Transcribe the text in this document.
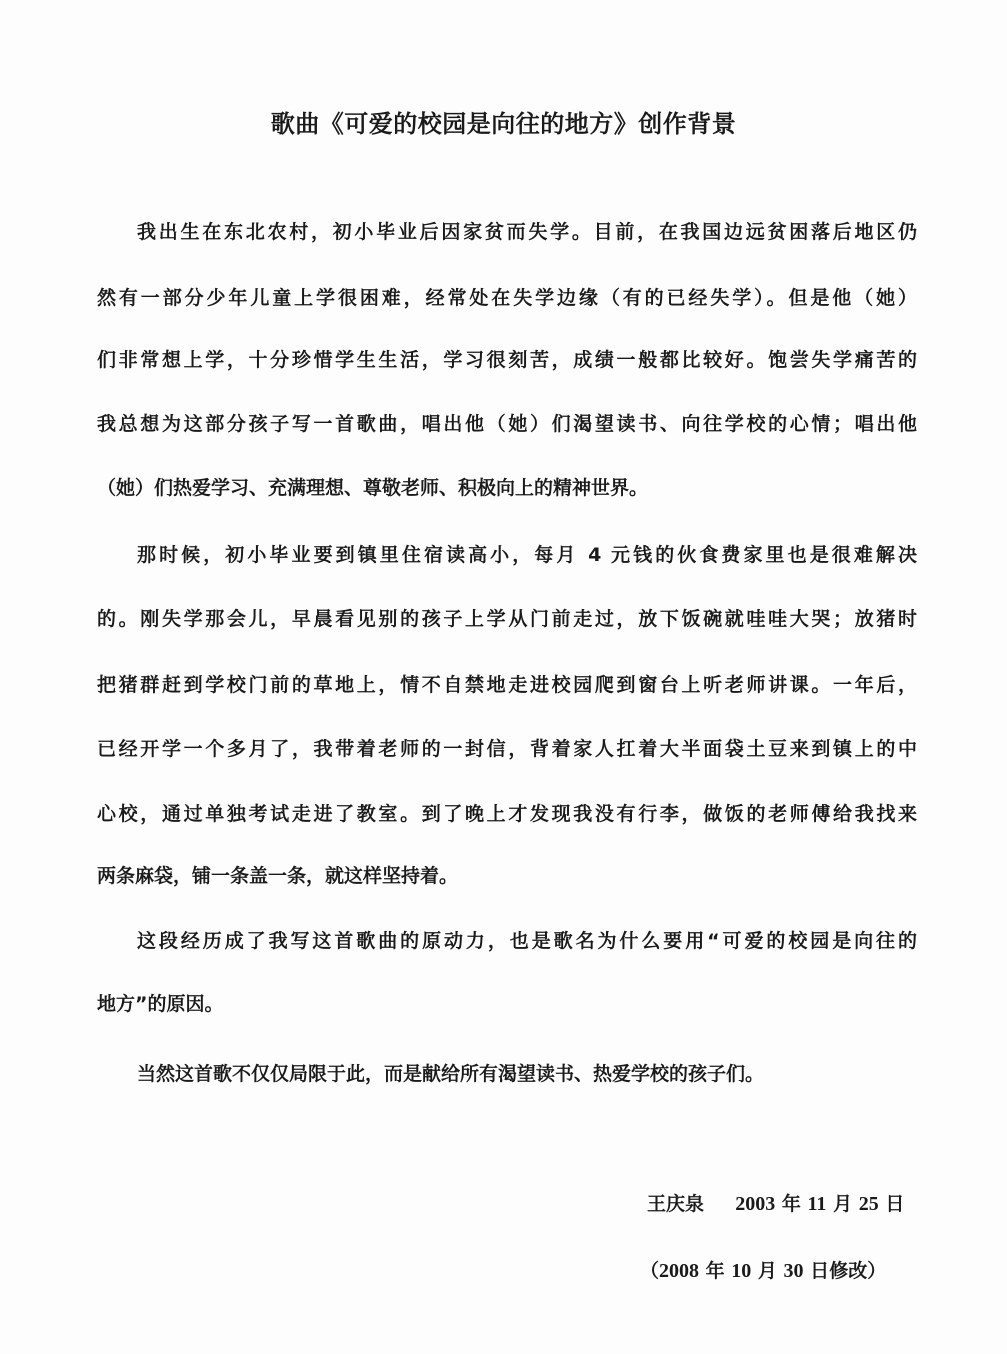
歌曲《可爱的校园是向往的地方》创作背景
我出生在东北农村，初小毕业后因家贫而失学。目前，在我国边远贫困落后地区仍
然有一部分少年儿童上学很困难，经常处在失学边缘（有的已经失学）。但是他（她）
们非常想上学，十分珍惜学生生活，学习很刻苦，成绩一般都比较好。饱尝失学痛苦的
我总想为这部分孩子写一首歌曲，唱出他（她）们渴望读书、向往学校的心情；唱出他
（她）们热爱学习、充满理想、尊敬老师、积极向上的精神世界。
那时候，初小毕业要到镇里住宿读高小，每月 4 元钱的伙食费家里也是很难解决
的。刚失学那会儿，早晨看见别的孩子上学从门前走过，放下饭碗就哇哇大哭；放猪时
把猪群赶到学校门前的草地上，情不自禁地走进校园爬到窗台上听老师讲课。一年后，
已经开学一个多月了，我带着老师的一封信，背着家人扛着大半面袋土豆来到镇上的中
心校，通过单独考试走进了教室。到了晚上才发现我没有行李，做饭的老师傅给我找来
两条麻袋，铺一条盖一条，就这样坚持着。
这段经历成了我写这首歌曲的原动力，也是歌名为什么要用“可爱的校园是向往的
地方”的原因。
当然这首歌不仅仅局限于此，而是献给所有渴望读书、热爱学校的孩子们。
王庆泉 2003 年 11 月 25 日
（2008 年 10 月 30 日修改）
